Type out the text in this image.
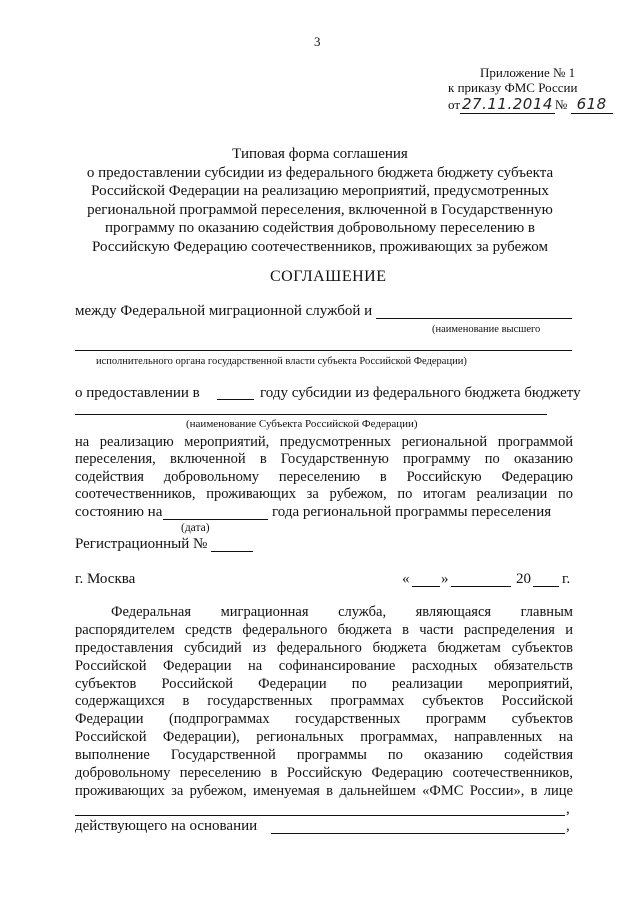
3
Приложение № 1
к приказу ФМС России
от 27.11.2014 № 618
Типовая форма соглашения
о предоставлении субсидии из федерального бюджета бюджету субъекта
Российской Федерации на реализацию мероприятий, предусмотренных
региональной программой переселения, включенной в Государственную
программу по оказанию содействия добровольному переселению в
Российскую Федерацию соотечественников, проживающих за рубежом
СОГЛАШЕНИЕ
между Федеральной миграционной службой и
(наименование высшего
исполнительного органа государственной власти субъекта Российской Федерации)
о предоставлении в	году субсидии из федерального бюджета бюджету
(наименование Субъекта Российской Федерации)
на реализацию мероприятий, предусмотренных региональной программой
переселения, включенной в Государственную программу по оказанию
содействия добровольному переселению в Российскую Федерацию
соотечественников, проживающих за рубежом, по итогам реализации по
состоянию на	года региональной программы переселения
(дата)
Регистрационный №
г. Москва	« »	20 г.
Федеральная миграционная служба, являющаяся главным
распорядителем средств федерального бюджета в части распределения и
предоставления субсидий из федерального бюджета бюджетам субъектов
Российской Федерации на софинансирование расходных обязательств
субъектов Российской Федерации по реализации мероприятий,
содержащихся в государственных программах субъектов Российской
Федерации (подпрограммах государственных программ субъектов
Российской Федерации), региональных программах, направленных на
выполнение Государственной программы по оказанию содействия
добровольному переселению в Российскую Федерацию соотечественников,
проживающих за рубежом, именуемая в дальнейшем «ФМС России», в лице
,
действующего на основании	,
